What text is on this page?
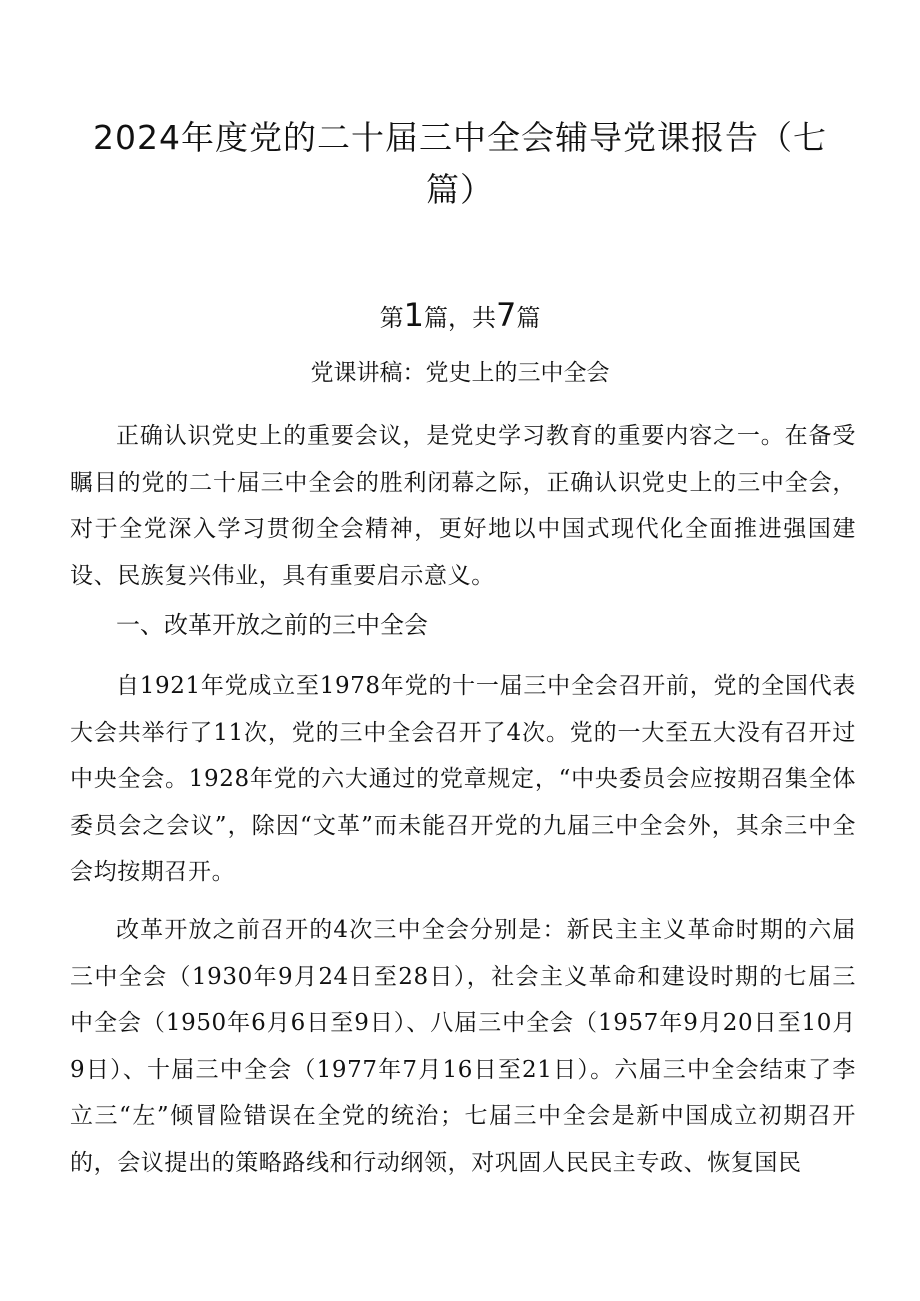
2024年度党的二十届三中全会辅导党课报告（七篇）
第1篇，共7篇
党课讲稿：党史上的三中全会

正确认识党史上的重要会议，是党史学习教育的重要内容之一。在备受瞩目的党的二十届三中全会的胜利闭幕之际，正确认识党史上的三中全会，对于全党深入学习贯彻全会精神，更好地以中国式现代化全面推进强国建设、民族复兴伟业，具有重要启示意义。

一、改革开放之前的三中全会

自1921年党成立至1978年党的十一届三中全会召开前，党的全国代表大会共举行了11次，党的三中全会召开了4次。党的一大至五大没有召开过中央全会。1928年党的六大通过的党章规定，“中央委员会应按期召集全体委员会之会议”，除因“文革”而未能召开党的九届三中全会外，其余三中全会均按期召开。

改革开放之前召开的4次三中全会分别是：新民主主义革命时期的六届三中全会（1930年9月24日至28日），社会主义革命和建设时期的七届三中全会（1950年6月6日至9日）、八届三中全会（1957年9月20日至10月9日）、十届三中全会（1977年7月16日至21日）。六届三中全会结束了李立三“左”倾冒险错误在全党的统治；七届三中全会是新中国成立初期召开的，会议提出的策略路线和行动纲领，对巩固人民民主专政、恢复国民
